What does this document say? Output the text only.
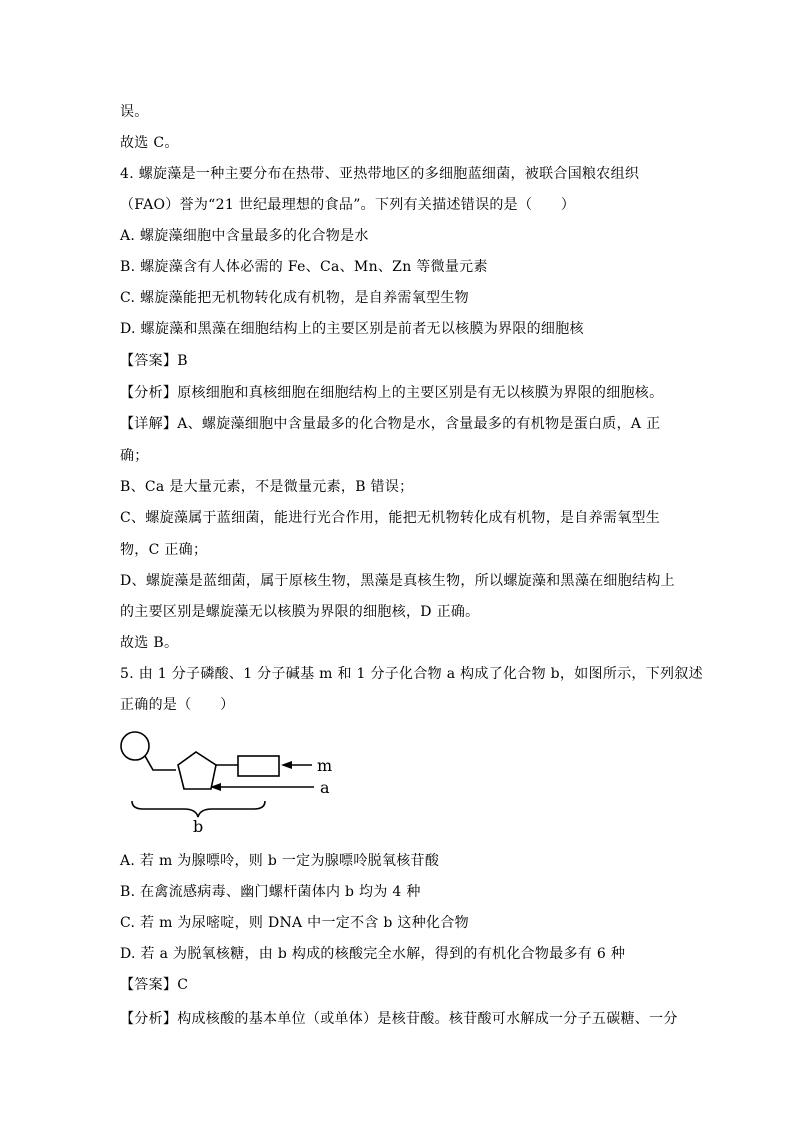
误。
故选 C。
4. 螺旋藻是一种主要分布在热带、亚热带地区的多细胞蓝细菌，被联合国粮农组织
（FAO）誉为“21 世纪最理想的食品”。下列有关描述错误的是（　　）
A. 螺旋藻细胞中含量最多的化合物是水
B. 螺旋藻含有人体必需的 Fe、Ca、Mn、Zn 等微量元素
C. 螺旋藻能把无机物转化成有机物，是自养需氧型生物
D. 螺旋藻和黑藻在细胞结构上的主要区别是前者无以核膜为界限的细胞核
【答案】B
【分析】原核细胞和真核细胞在细胞结构上的主要区别是有无以核膜为界限的细胞核。
【详解】A、螺旋藻细胞中含量最多的化合物是水，含量最多的有机物是蛋白质，A 正
确；
B、Ca 是大量元素，不是微量元素，B 错误；
C、螺旋藻属于蓝细菌，能进行光合作用，能把无机物转化成有机物，是自养需氧型生
物，C 正确；
D、螺旋藻是蓝细菌，属于原核生物，黑藻是真核生物，所以螺旋藻和黑藻在细胞结构上
的主要区别是螺旋藻无以核膜为界限的细胞核，D 正确。
故选 B。
5. 由 1 分子磷酸、1 分子碱基 m 和 1 分子化合物 a 构成了化合物 b，如图所示，下列叙述
正确的是（　　）
m
a
b
A. 若 m 为腺嘌呤，则 b 一定为腺嘌呤脱氧核苷酸
B. 在禽流感病毒、幽门螺杆菌体内 b 均为 4 种
C. 若 m 为尿嘧啶，则 DNA 中一定不含 b 这种化合物
D. 若 a 为脱氧核糖，由 b 构成的核酸完全水解，得到的有机化合物最多有 6 种
【答案】C
【分析】构成核酸的基本单位（或单体）是核苷酸。核苷酸可水解成一分子五碳糖、一分
